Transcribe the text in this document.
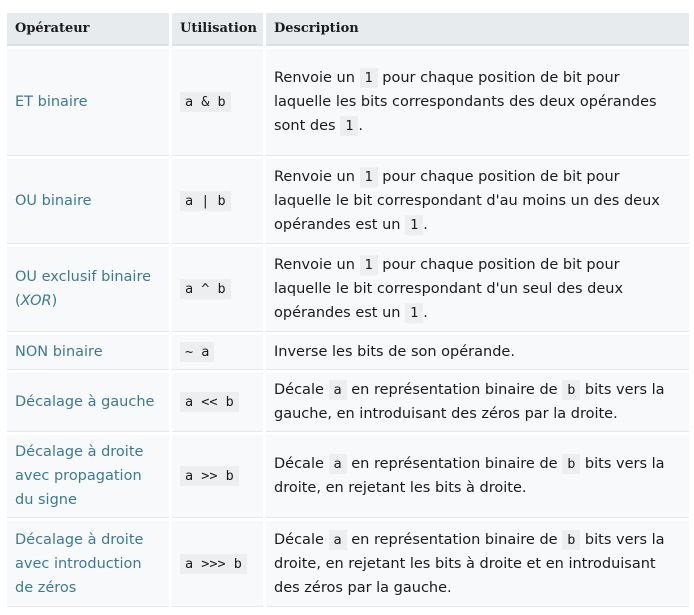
Opérateur	Utilisation	Description
ET binaire	a & b	Renvoie un 1 pour chaque position de bit pour laquelle les bits correspondants des deux opérandes sont des 1 .
OU binaire	a | b	Renvoie un 1 pour chaque position de bit pour laquelle le bit correspondant d'au moins un des deux opérandes est un 1 .
OU exclusif binaire (XOR)	a ^ b	Renvoie un 1 pour chaque position de bit pour laquelle le bit correspondant d'un seul des deux opérandes est un 1 .
NON binaire	~ a	Inverse les bits de son opérande.
Décalage à gauche	a << b	Décale a en représentation binaire de b bits vers la gauche, en introduisant des zéros par la droite.
Décalage à droite avec propagation du signe	a >> b	Décale a en représentation binaire de b bits vers la droite, en rejetant les bits à droite.
Décalage à droite avec introduction de zéros	a >>> b	Décale a en représentation binaire de b bits vers la droite, en rejetant les bits à droite et en introduisant des zéros par la gauche.
